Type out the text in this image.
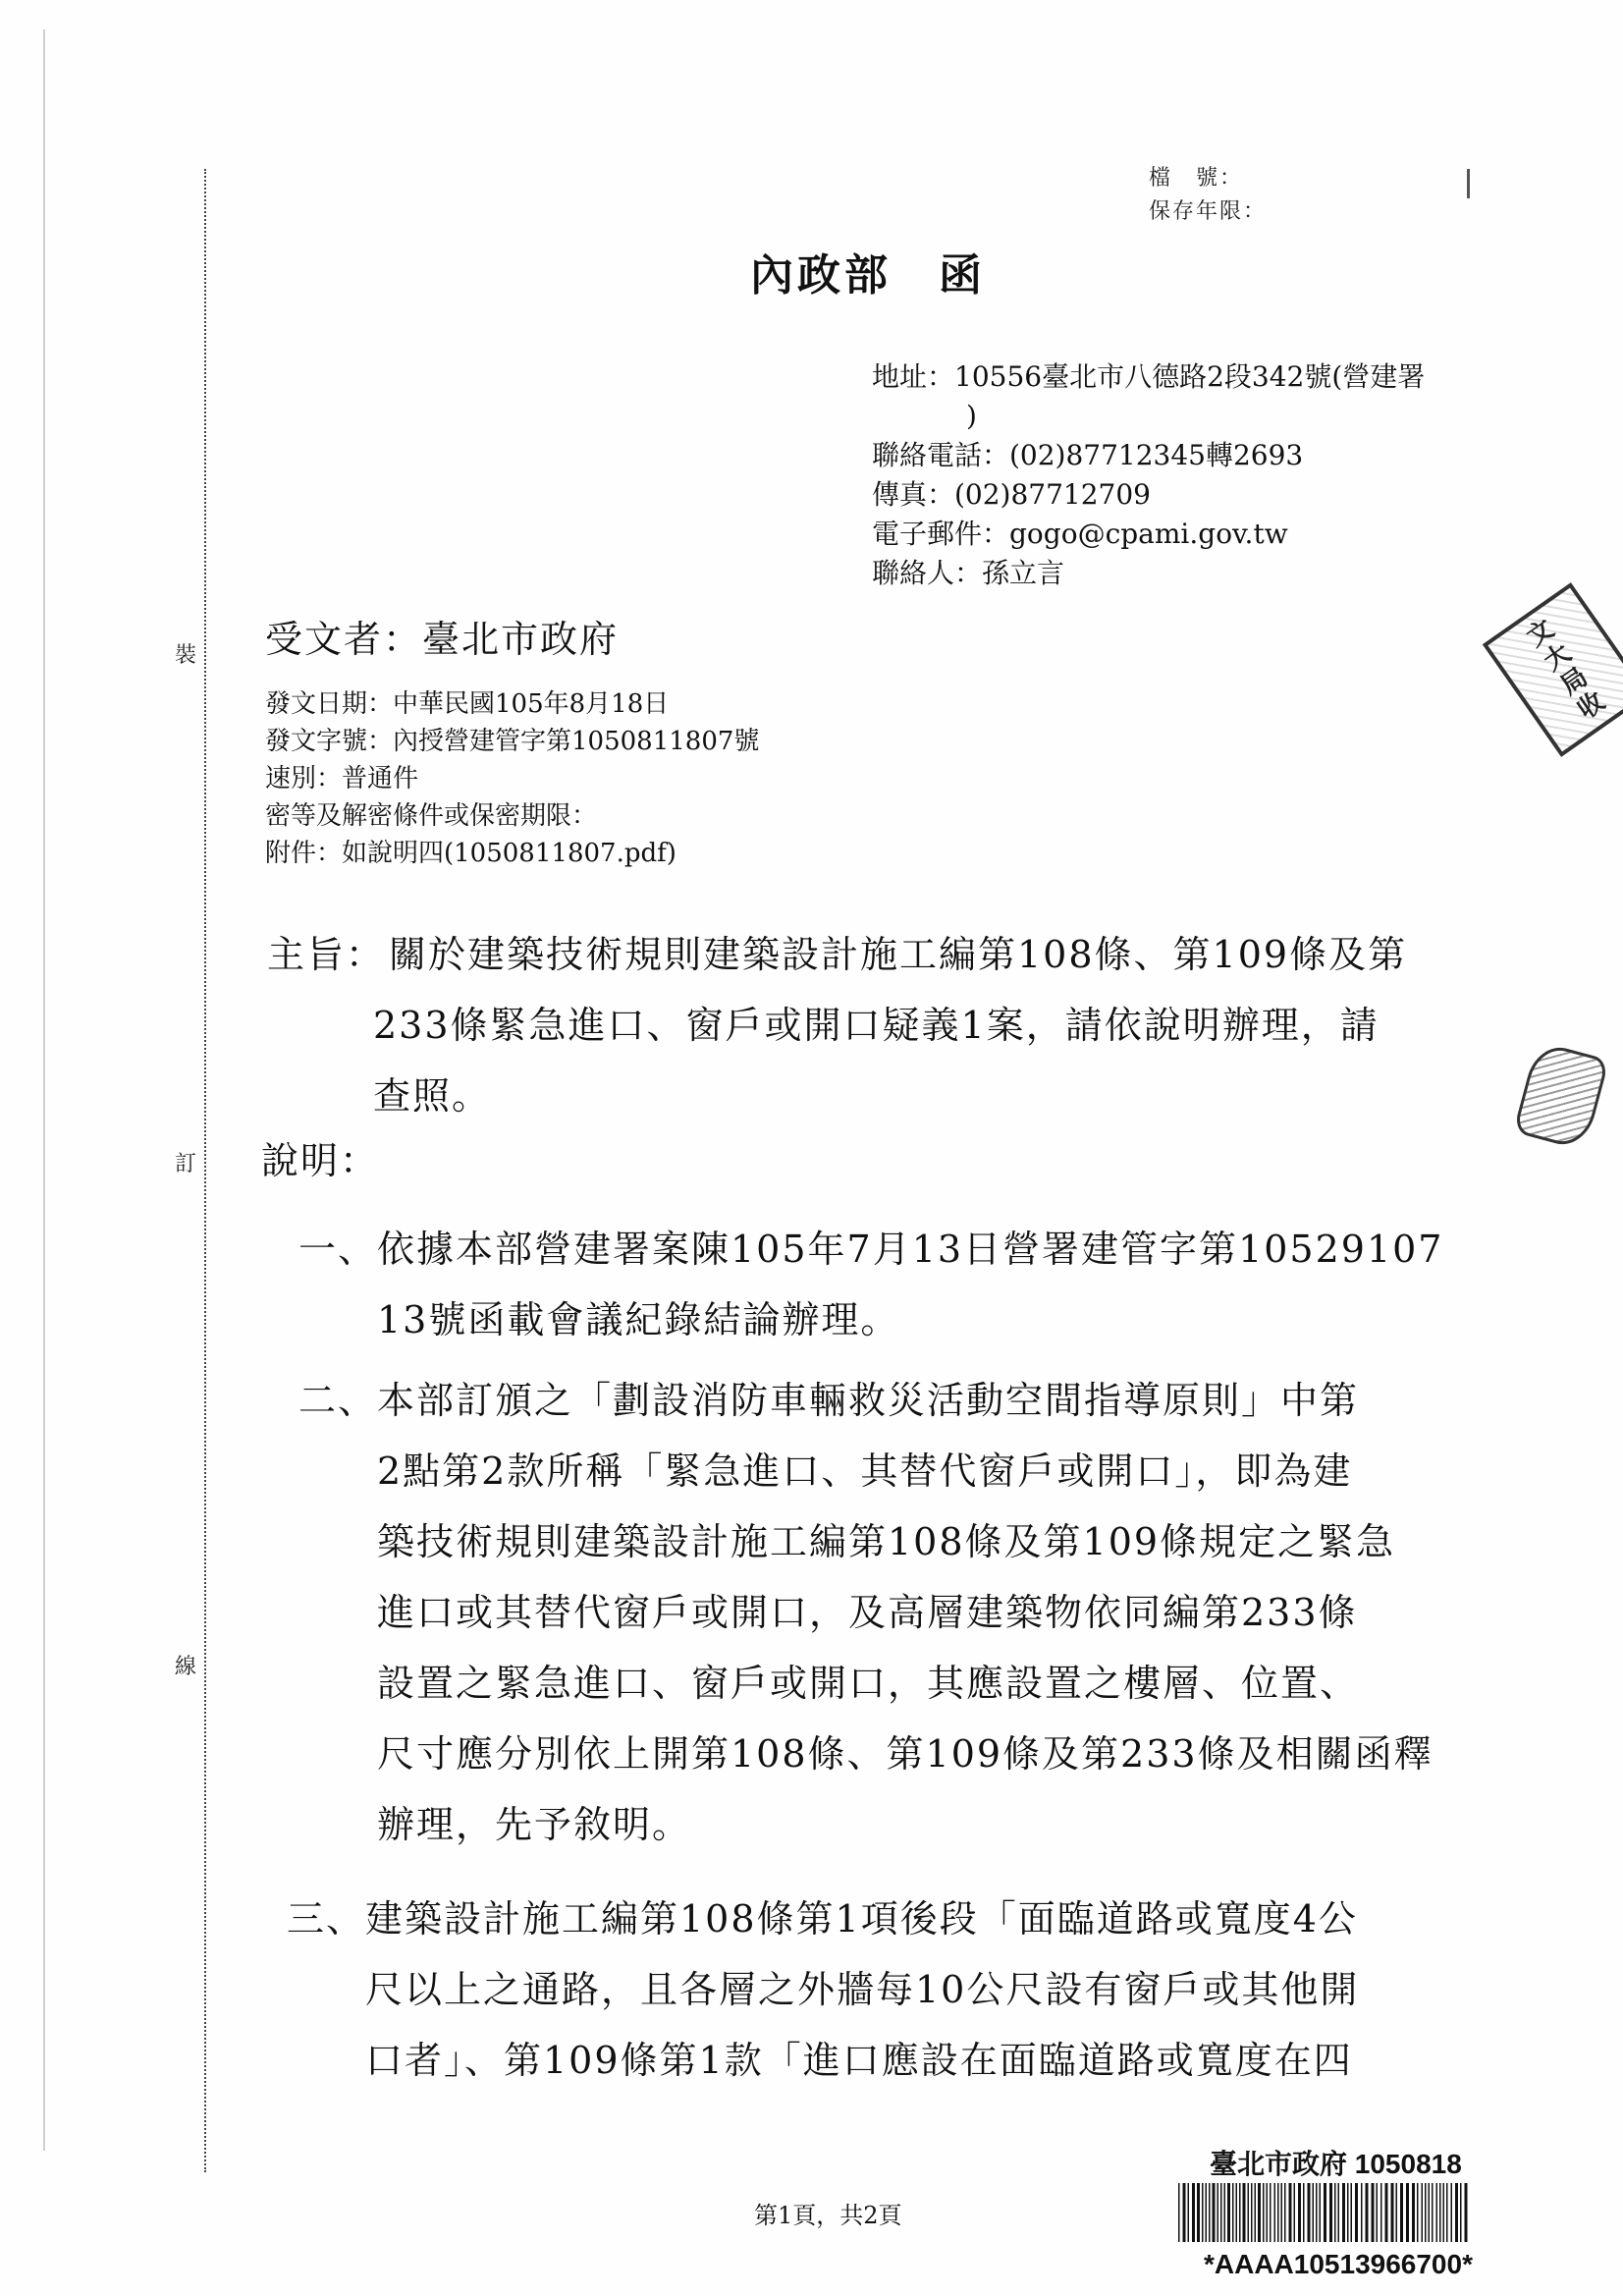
裝
訂
線
檔　號：
保存年限：
內政部　函
地址：10556臺北市八德路2段342號(營建署
)
聯絡電話：(02)87712345轉2693
傳真：(02)87712709
電子郵件：gogo@cpami.gov.tw
聯絡人：孫立言
受文者：臺北市政府
發文日期：中華民國105年8月18日
發文字號：內授營建管字第1050811807號
速別：普通件
密等及解密條件或保密期限：
附件：如說明四(1050811807.pdf)
主旨： 關於建築技術規則建築設計施工編第108條、第109條及第
233條緊急進口、窗戶或開口疑義1案，請依說明辦理，請
查照。
說明：
一、 依據本部營建署案陳105年7月13日營署建管字第10529107
13號函載會議紀錄結論辦理。
二、 本部訂頒之「劃設消防車輛救災活動空間指導原則」中第
2點第2款所稱「緊急進口、其替代窗戶或開口」，即為建
築技術規則建築設計施工編第108條及第109條規定之緊急
進口或其替代窗戶或開口，及高層建築物依同編第233條
設置之緊急進口、窗戶或開口，其應設置之樓層、位置、
尺寸應分別依上開第108條、第109條及第233條及相關函釋
辦理，先予敘明。
三、 建築設計施工編第108條第1項後段「面臨道路或寬度4公
尺以上之通路，且各層之外牆每10公尺設有窗戶或其他開
口者」、第109條第1款「進口應設在面臨道路或寬度在四
文
大
局
收
第1頁，共2頁
臺北市政府 1050818
*AAAA10513966700*
